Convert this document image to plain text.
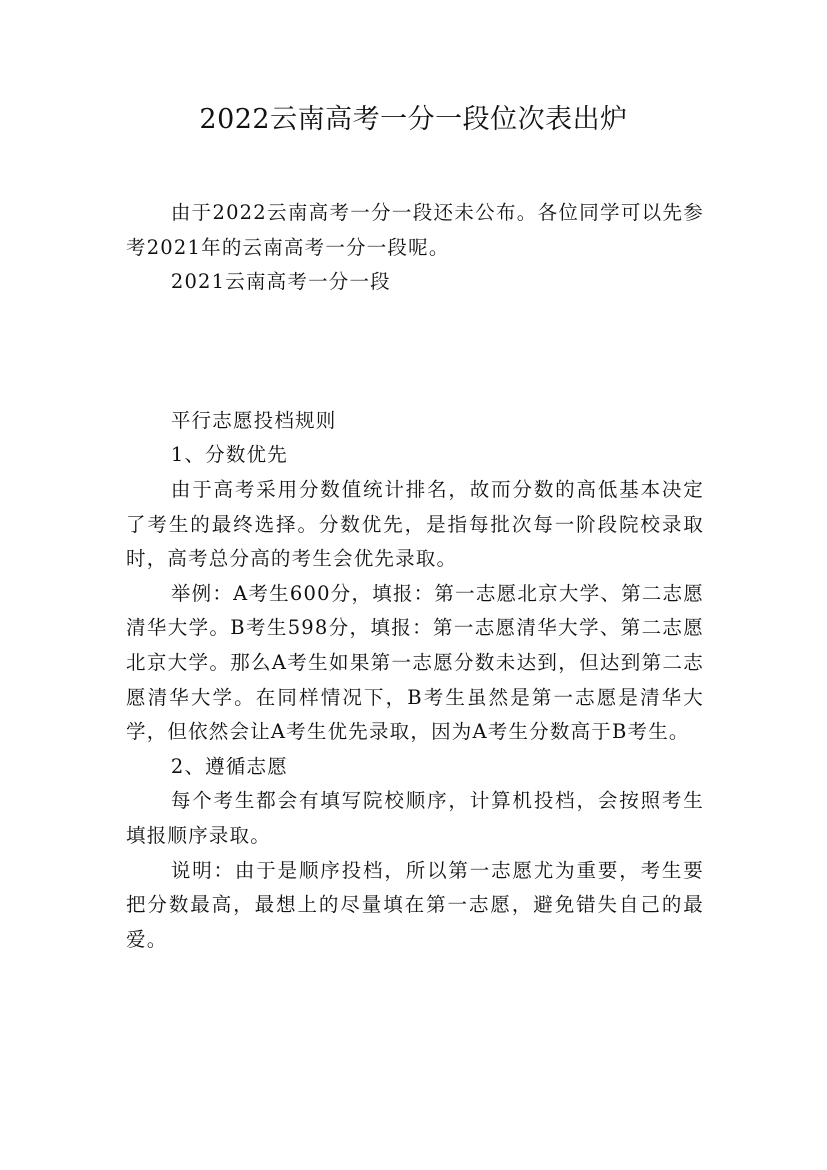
2022云南高考一分一段位次表出炉

由于2022云南高考一分一段还未公布。各位同学可以先参考2021年的云南高考一分一段呢。

2021云南高考一分一段

平行志愿投档规则

1、分数优先

由于高考采用分数值统计排名，故而分数的高低基本决定了考生的最终选择。分数优先，是指每批次每一阶段院校录取时，高考总分高的考生会优先录取。

举例：A考生600分，填报：第一志愿北京大学、第二志愿清华大学。B考生598分，填报：第一志愿清华大学、第二志愿北京大学。那么A考生如果第一志愿分数未达到，但达到第二志愿清华大学。在同样情况下，B考生虽然是第一志愿是清华大学，但依然会让A考生优先录取，因为A考生分数高于B考生。

2、遵循志愿

每个考生都会有填写院校顺序，计算机投档，会按照考生填报顺序录取。

说明：由于是顺序投档，所以第一志愿尤为重要，考生要把分数最高，最想上的尽量填在第一志愿，避免错失自己的最爱。
